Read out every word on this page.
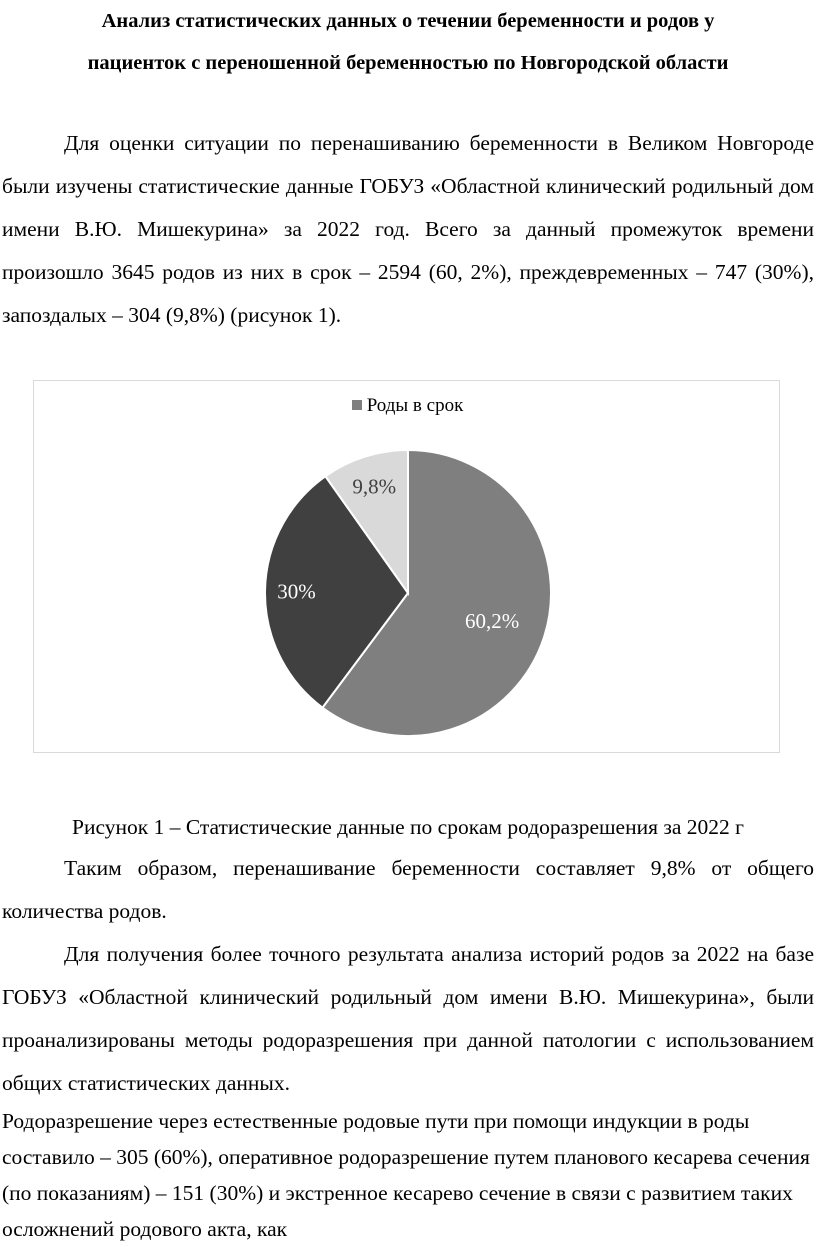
Анализ статистических данных о течении беременности и родов у
пациенток с переношенной беременностью по Новгородской области

Для оценки ситуации по перенашиванию беременности в Великом Новгороде были изучены статистические данные ГОБУЗ «Областной клинический родильный дом имени В.Ю. Мишекурина» за 2022 год. Всего за данный промежуток времени произошло 3645 родов из них в срок – 2594 (60, 2%), преждевременных – 747 (30%), запоздалых – 304 (9,8%) (рисунок 1).

Роды в срок
60,2%
30%
9,8%
Рисунок 1 – Статистические данные по срокам родоразрешения за 2022 г

Таким образом, перенашивание беременности составляет 9,8% от общего количества родов.

Для получения более точного результата анализа историй родов за 2022 на базе ГОБУЗ «Областной клинический родильный дом имени В.Ю. Мишекурина», были проанализированы методы родоразрешения при данной патологии с использованием общих статистических данных.

Родоразрешение через естественные родовые пути при помощи индукции в роды составило – 305 (60%), оперативное родоразрешение путем планового кесарева сечения (по показаниям) – 151 (30%) и экстренное кесарево сечение в связи с развитием таких осложнений родового акта, как
